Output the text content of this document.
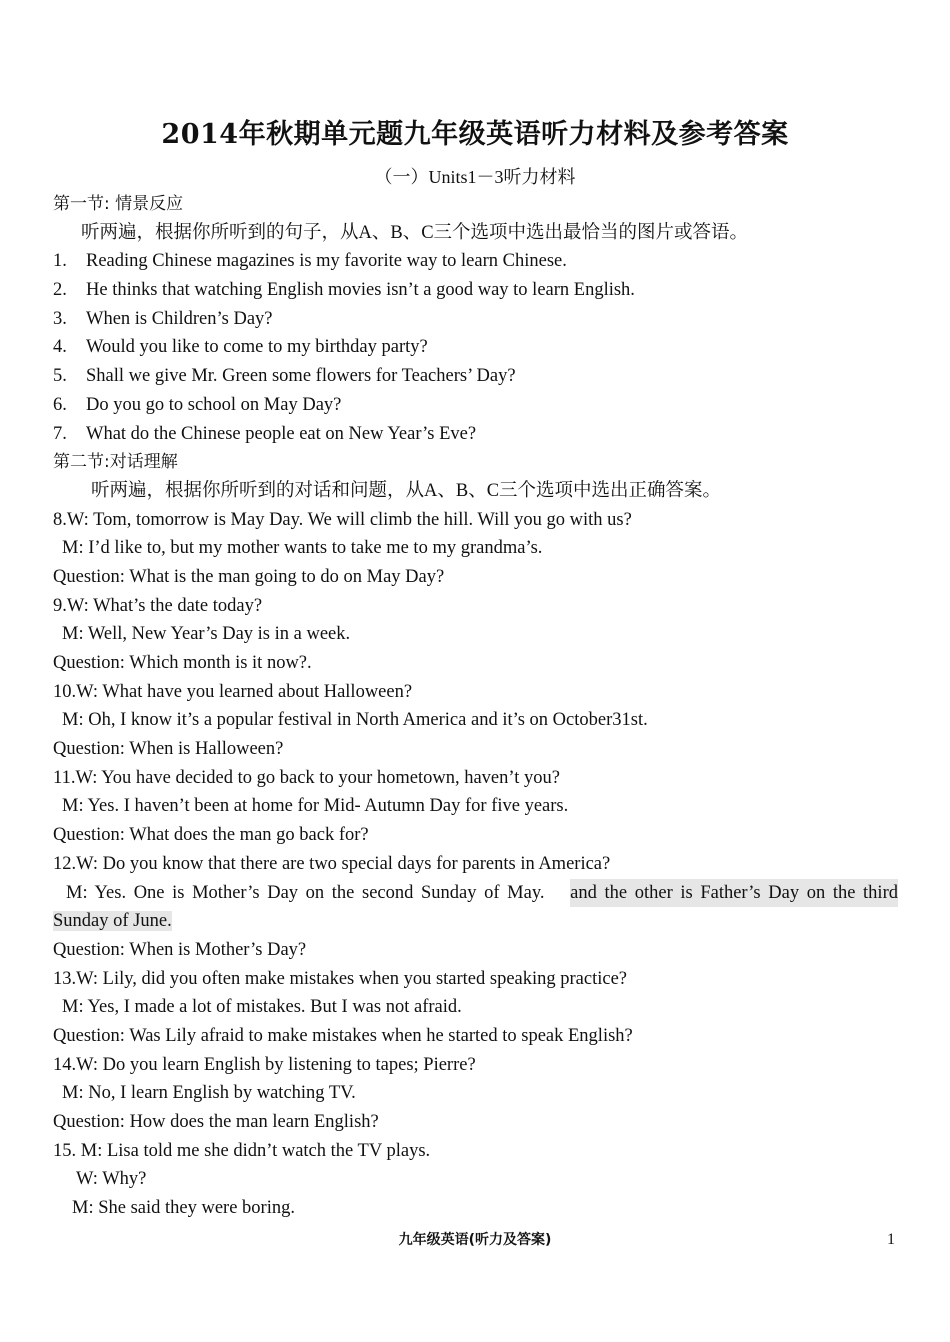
2014年秋期单元题九年级英语听力材料及参考答案
（一）Units1－3听力材料
第一节: 情景反应
听两遍，根据你所听到的句子，从A、B、C三个选项中选出最恰当的图片或答语。
1.	Reading Chinese magazines is my favorite way to learn Chinese.
2.	He thinks that watching English movies isn’t a good way to learn English.
3.	When is Children’s Day?
4.	Would you like to come to my birthday party?
5.	Shall we give Mr. Green some flowers for Teachers’ Day?
6.	Do you go to school on May Day?
7.	What do the Chinese people eat on New Year’s Eve?
第二节:对话理解
听两遍，根据你所听到的对话和问题，从A、B、C三个选项中选出正确答案。
8.W: Tom, tomorrow is May Day. We will climb the hill. Will you go with us?
M: I’d like to, but my mother wants to take me to my grandma’s.
Question: What is the man going to do on May Day?
9.W: What’s the date today?
M: Well, New Year’s Day is in a week.
Question: Which month is it now?.
10.W: What have you learned about Halloween?
M: Oh, I know it’s a popular festival in North America and it’s on October31st.
Question: When is Halloween?
11.W: You have decided to go back to your hometown, haven’t you?
M: Yes. I haven’t been at home for Mid- Autumn Day for five years.
Question: What does the man go back for?
12.W: Do you know that there are two special days for parents in America?
M: Yes. One is Mother’s Day on the second Sunday of May. and the other is Father’s Day on the third
Sunday of June.
Question: When is Mother’s Day?
13.W: Lily, did you often make mistakes when you started speaking practice?
M: Yes, I made a lot of mistakes. But I was not afraid.
Question: Was Lily afraid to make mistakes when he started to speak English?
14.W: Do you learn English by listening to tapes; Pierre?
M: No, I learn English by watching TV.
Question: How does the man learn English?
15. M: Lisa told me she didn’t watch the TV plays.
W: Why?
M: She said they were boring.
九年级英语(听力及答案)	1
